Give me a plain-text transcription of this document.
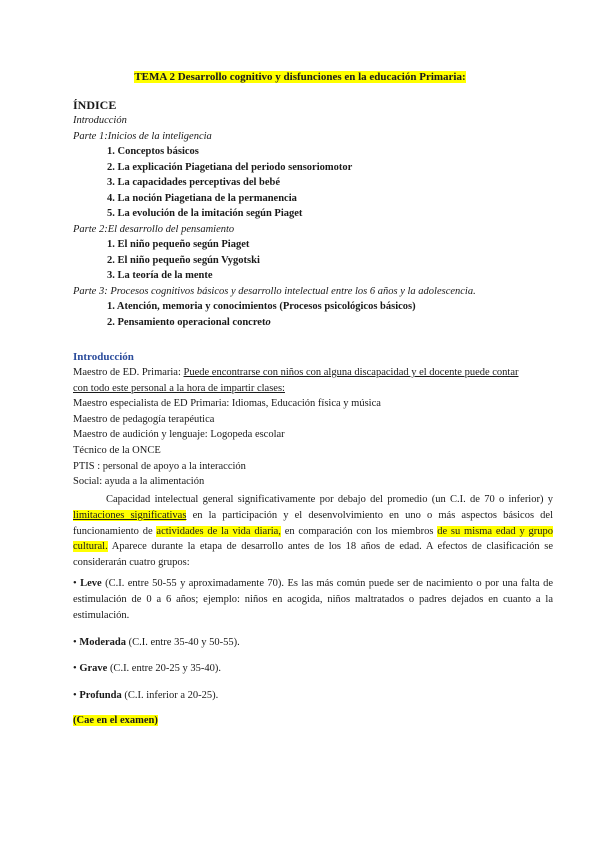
TEMA 2 Desarrollo cognitivo y disfunciones en la educación Primaria:
ÍNDICE
Introducción
Parte 1:Inicios de la inteligencia
1. Conceptos básicos
2. La explicación Piagetiana del periodo sensoriomotor
3. La capacidades perceptivas del bebé
4. La noción Piagetiana de la permanencia
5. La evolución de la imitación según Piaget
Parte 2:El desarrollo del pensamiento
1. El niño pequeño según Piaget
2. El niño pequeño según Vygotski
3. La teoría de la mente
Parte 3: Procesos cognitivos básicos y desarrollo intelectual entre los 6 años y la adolescencia.
1. Atención, memoria y conocimientos (Procesos psicológicos básicos)
2. Pensamiento operacional concreto
Introducción
Maestro de ED. Primaria: Puede encontrarse con niños con alguna discapacidad y el docente puede contar
con todo este personal a la hora de impartir clases:
Maestro especialista de ED Primaria: Idiomas, Educación física y música
Maestro de pedagogía terapéutica
Maestro de audición y lenguaje: Logopeda escolar
Técnico de la ONCE
PTIS : personal de apoyo a la interacción
Social: ayuda a la alimentación
Capacidad intelectual general significativamente por debajo del promedio (un C.I. de 70 o inferior) y limitaciones significativas en la participación y el desenvolvimiento en uno o más aspectos básicos del funcionamiento de actividades de la vida diaria, en comparación con los miembros de su misma edad y grupo cultural. Aparece durante la etapa de desarrollo antes de los 18 años de edad. A efectos de clasificación se considerarán cuatro grupos:
• Leve (C.I. entre 50-55 y aproximadamente 70). Es las más común puede ser de nacimiento o por una falta de estimulación de 0 a 6 años; ejemplo: niños en acogida, niños maltratados o padres dejados en cuanto a la estimulación.
• Moderada (C.I. entre 35-40 y 50-55).
• Grave (C.I. entre 20-25 y 35-40).
• Profunda (C.I. inferior a 20-25).
(Cae en el examen)
